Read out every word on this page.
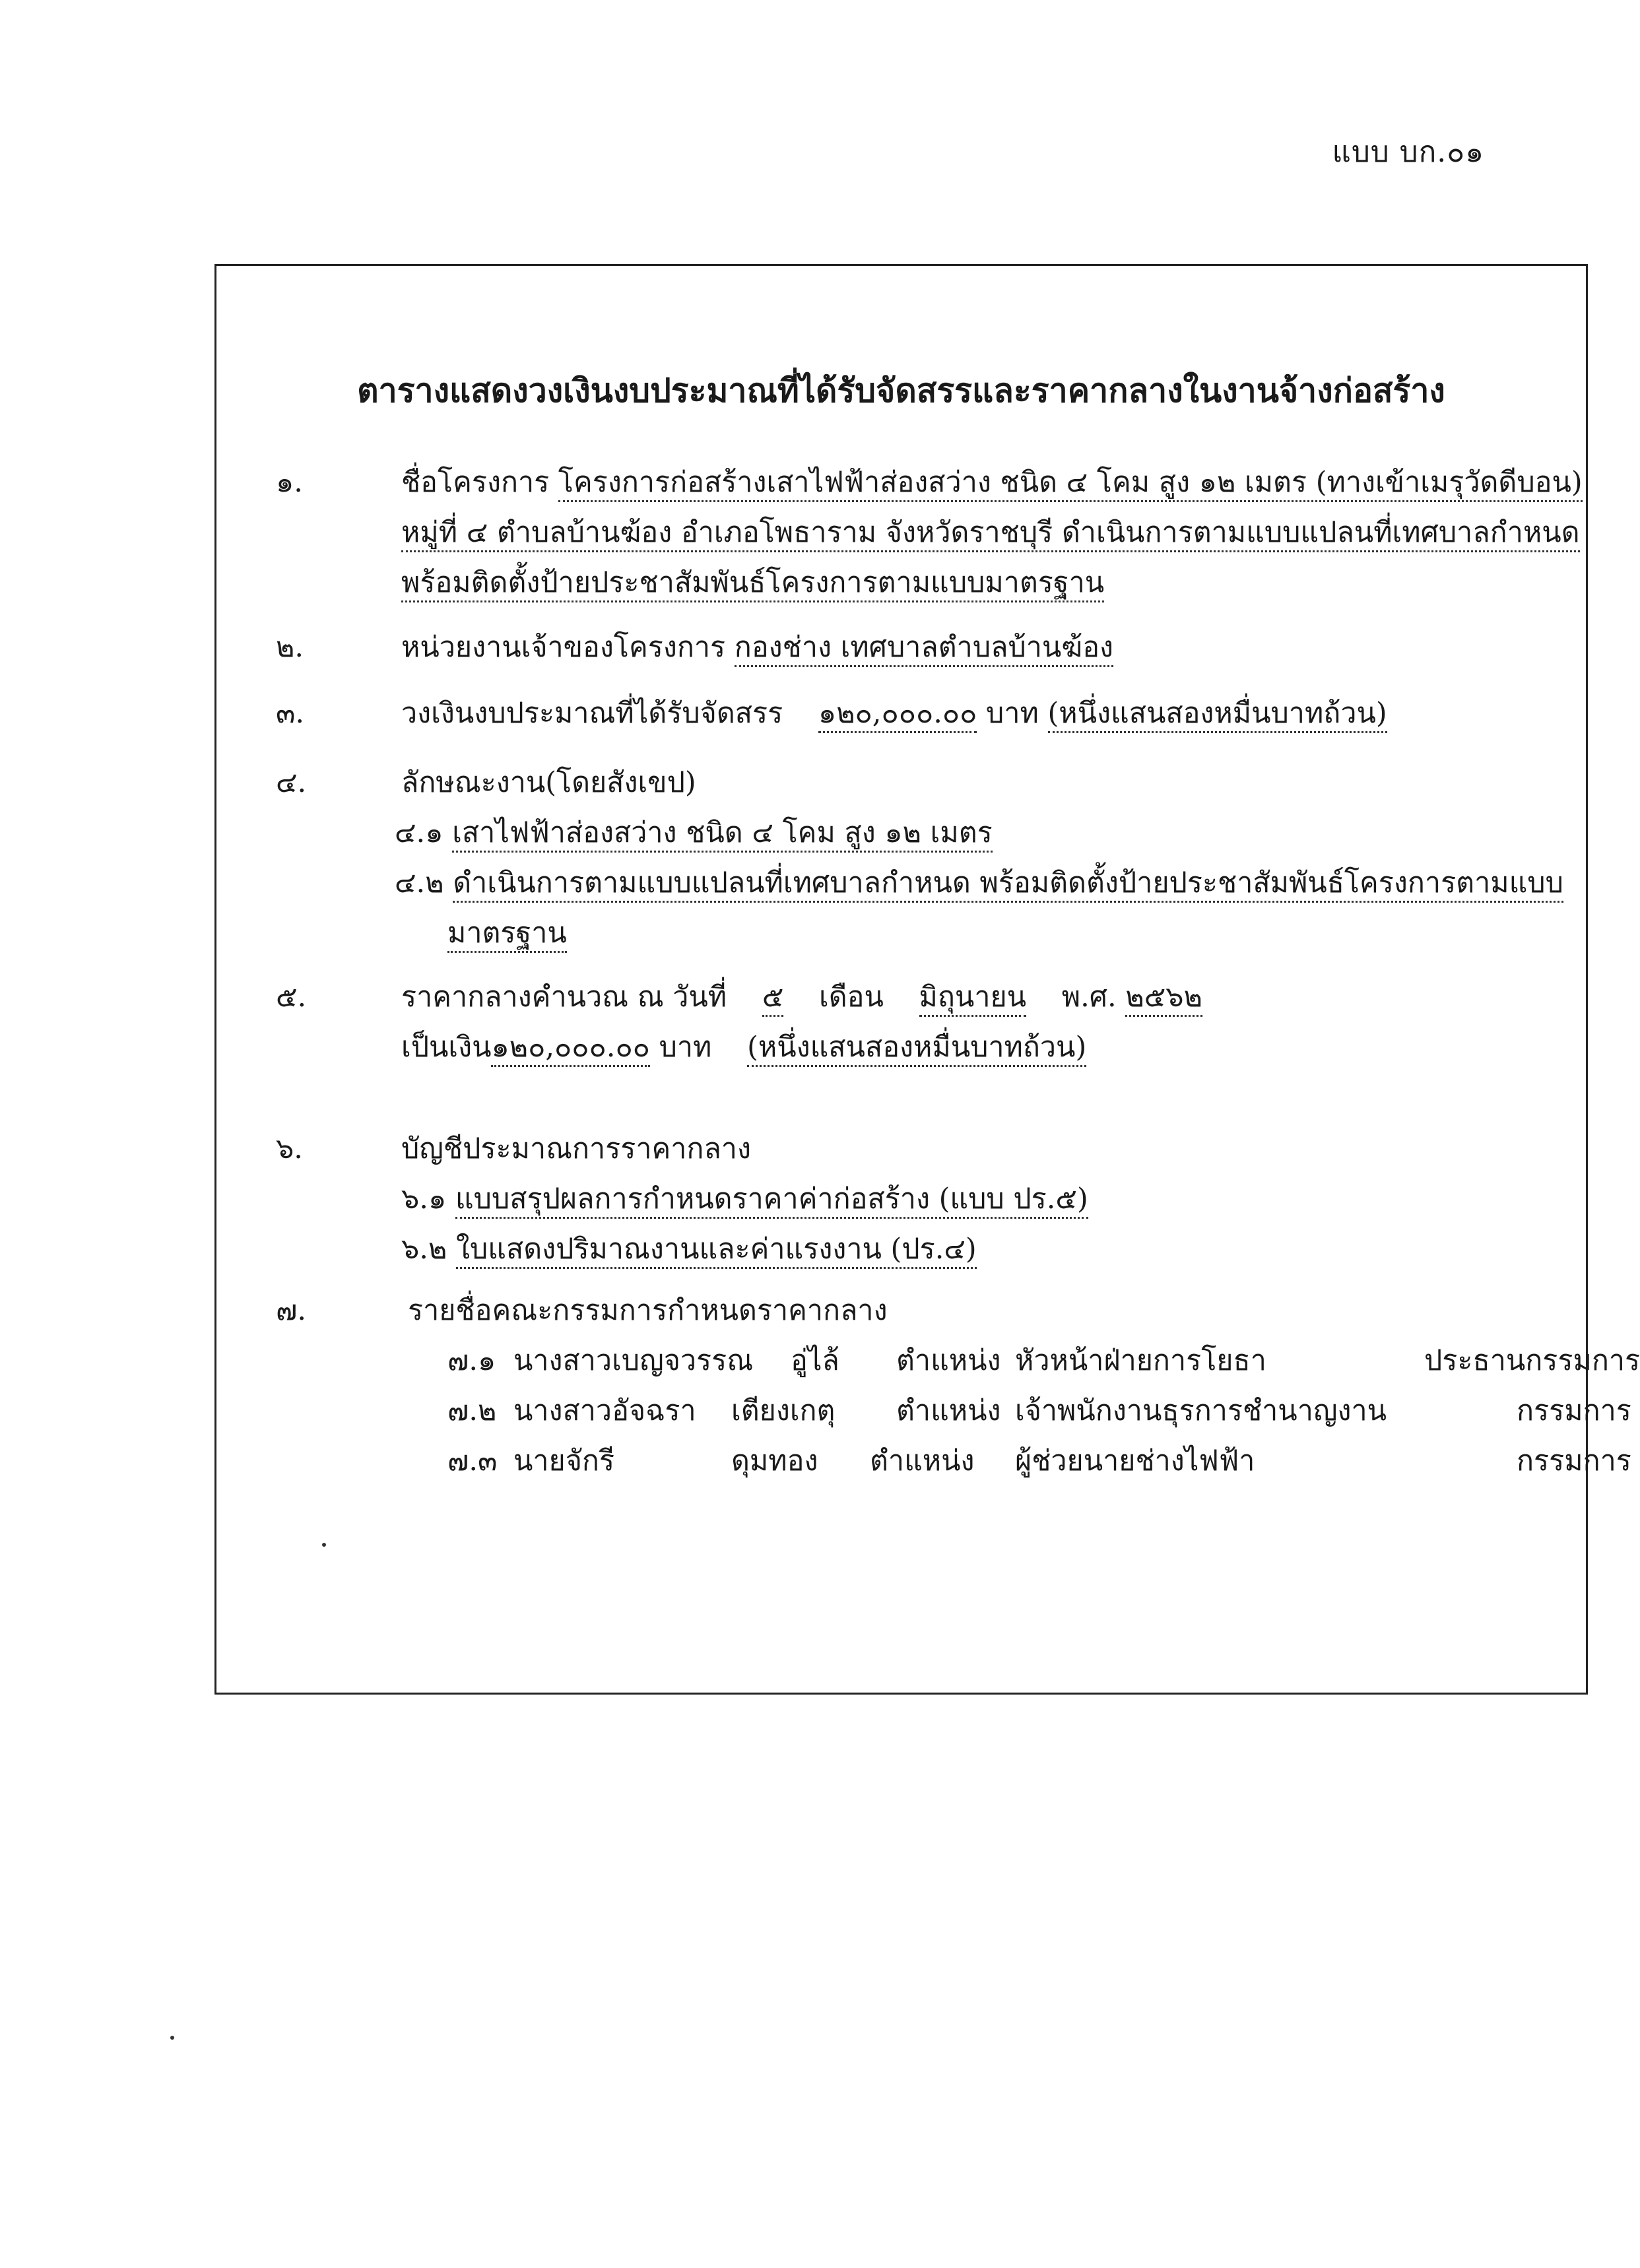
แบบ บก.๐๑
ตารางแสดงวงเงินงบประมาณที่ได้รับจัดสรรและราคากลางในงานจ้างก่อสร้าง
๑.	ชื่อโครงการ โครงการก่อสร้างเสาไฟฟ้าส่องสว่าง ชนิด ๔ โคม สูง ๑๒ เมตร (ทางเข้าเมรุวัดดีบอน)
หมู่ที่ ๔ ตำบลบ้านฆ้อง อำเภอโพธาราม จังหวัดราชบุรี ดำเนินการตามแบบแปลนที่เทศบาลกำหนด
พร้อมติดตั้งป้ายประชาสัมพันธ์โครงการตามแบบมาตรฐาน
๒.	หน่วยงานเจ้าของโครงการ กองช่าง เทศบาลตำบลบ้านฆ้อง
๓.	วงเงินงบประมาณที่ได้รับจัดสรร ๑๒๐,๐๐๐.๐๐ บาท (หนึ่งแสนสองหมื่นบาทถ้วน)
๔.	ลักษณะงาน(โดยสังเขป)
๔.๑ เสาไฟฟ้าส่องสว่าง ชนิด ๔ โคม สูง ๑๒ เมตร
๔.๒ ดำเนินการตามแบบแปลนที่เทศบาลกำหนด พร้อมติดตั้งป้ายประชาสัมพันธ์โครงการตามแบบ
มาตรฐาน
๕.	ราคากลางคำนวณ ณ วันที่ ๕ เดือน มิถุนายน พ.ศ. ๒๕๖๒
เป็นเงิน๑๒๐,๐๐๐.๐๐ บาท (หนึ่งแสนสองหมื่นบาทถ้วน)
๖.	บัญชีประมาณการราคากลาง
๖.๑ แบบสรุปผลการกำหนดราคาค่าก่อสร้าง (แบบ ปร.๕)
๖.๒ ใบแสดงปริมาณงานและค่าแรงงาน (ปร.๔)
๗.	รายชื่อคณะกรรมการกำหนดราคากลาง
๗.๑ นางสาวเบญจวรรณ อู่ไล้ ตำแหน่ง หัวหน้าฝ่ายการโยธา	ประธานกรรมการ
๗.๒ นางสาวอัจฉรา เตียงเกตุ ตำแหน่ง เจ้าพนักงานธุรการชำนาญงาน	กรรมการ
๗.๓ นายจักรี	ดุมทอง ตำแหน่ง ผู้ช่วยนายช่างไฟฟ้า	กรรมการ
